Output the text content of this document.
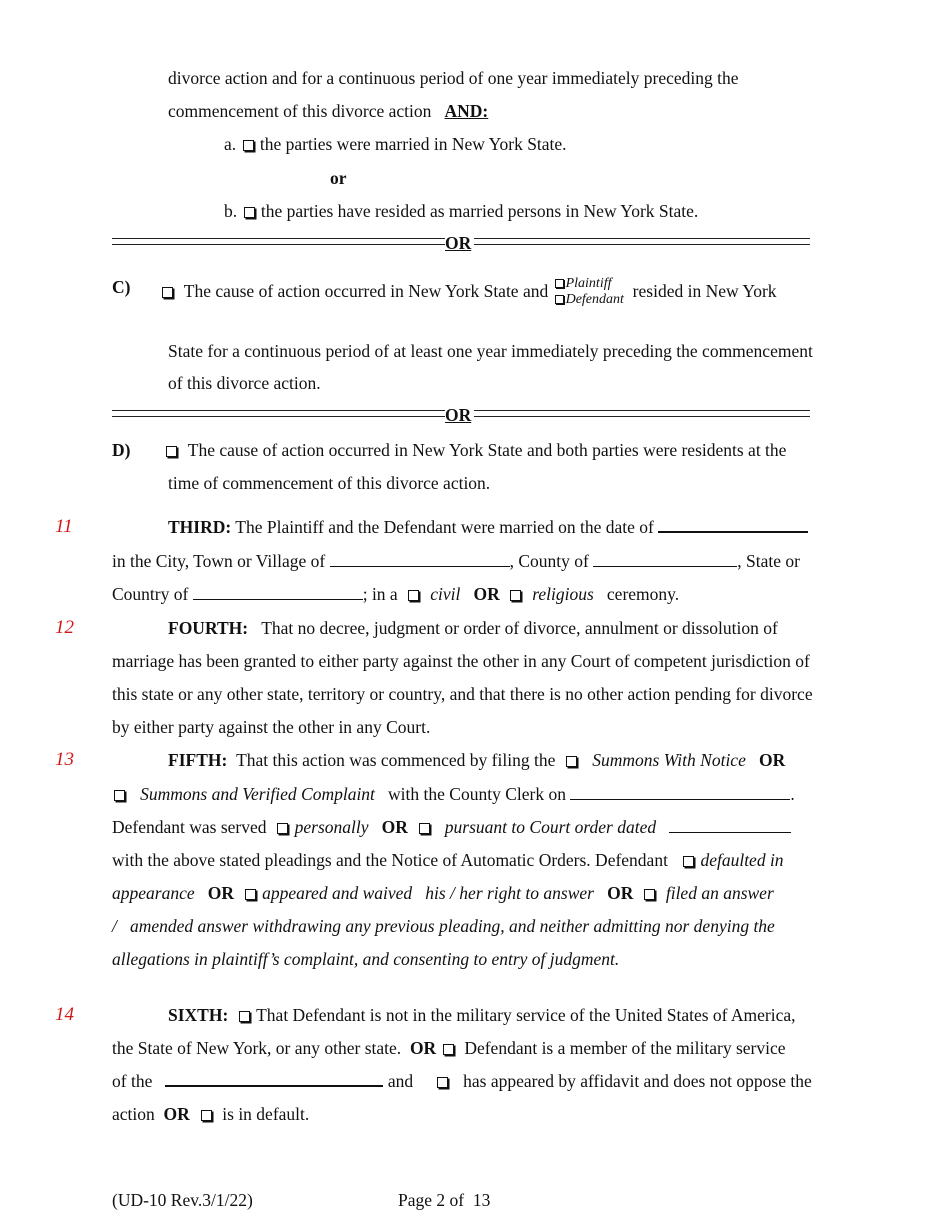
divorce action and for a continuous period of one year immediately preceding the
commencement of this divorce action AND:
a. the parties were married in New York State.
or
b. the parties have resided as married persons in New York State.
OR
C)	The cause of action occurred in New York State and Plaintiff
Defendant resided in New York
State for a continuous period of at least one year immediately preceding the commencement
of this divorce action.
OR
D)	The cause of action occurred in New York State and both parties were residents at the
time of commencement of this divorce action.
11	THIRD: The Plaintiff and the Defendant were married on the date of
in the City, Town or Village of	, County of	, State or
Country of	; in a civil OR religious ceremony.
12	FOURTH: That no decree, judgment or order of divorce, annulment or dissolution of
marriage has been granted to either party against the other in any Court of competent jurisdiction of
this state or any other state, territory or country, and that there is no other action pending for divorce
by either party against the other in any Court.
13	FIFTH: That this action was commenced by filing the Summons With Notice OR
Summons and Verified Complaint with the County Clerk on	.
Defendant was served personally OR pursuant to Court order dated
with the above stated pleadings and the Notice of Automatic Orders. Defendant defaulted in
appearance OR appeared and waived   his / her right to answer OR filed an answer
/   amended answer withdrawing any previous pleading, and neither admitting nor denying the
allegations in plaintiff’s complaint, and consenting to entry of judgment.
14	SIXTH: That Defendant is not in the military service of the United States of America,
the State of New York, or any other state. OR Defendant is a member of the military service
of the	and	has appeared by affidavit and does not oppose the
action OR is in default.
(UD-10 Rev.3/1/22)	Page 2 of  13
